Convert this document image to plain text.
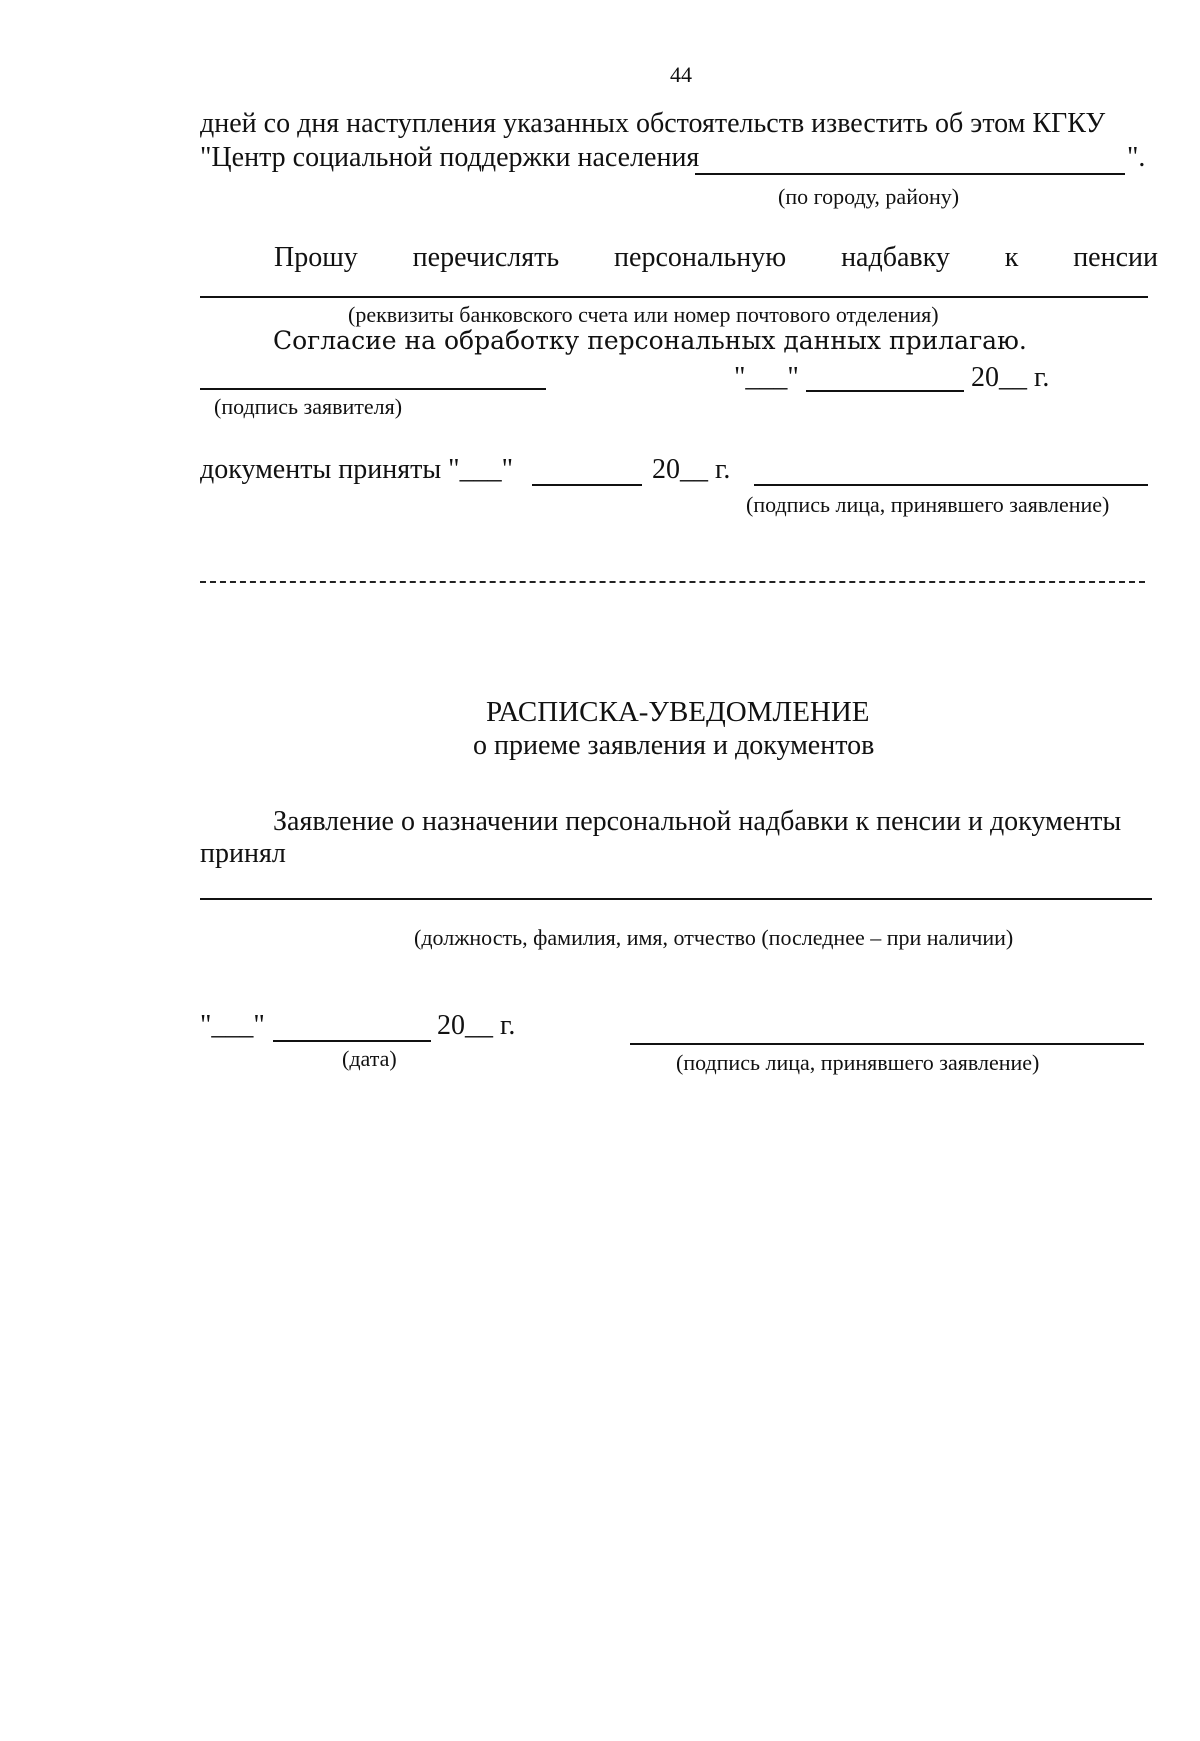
44
дней со дня наступления указанных обстоятельств известить об этом КГКУ
"Центр социальной поддержки населения	".
(по городу, району)
Прошу перечислять персональную надбавку к пенсии
(реквизиты банковского счета или номер почтового отделения)
Согласие на обработку персональных данных прилагаю.
"___"	20__ г.
(подпись заявителя)
документы приняты "___"	20__ г.
(подпись лица, принявшего заявление)
РАСПИСКА-УВЕДОМЛЕНИЕ
о приеме заявления и документов
Заявление о назначении персональной надбавки к пенсии и документы
принял
(должность, фамилия, имя, отчество (последнее – при наличии)
"___"	20__ г.
(дата)	(подпись лица, принявшего заявление)
